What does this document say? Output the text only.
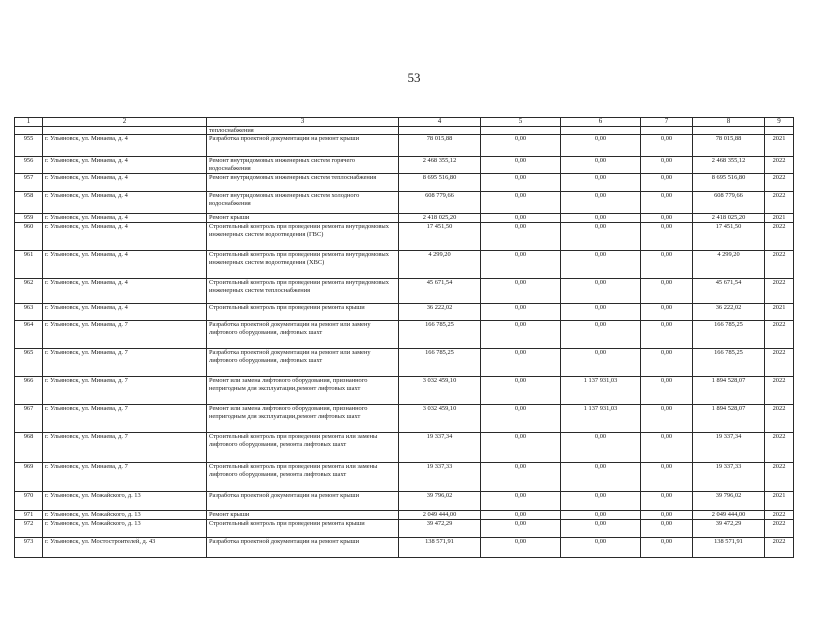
53
1	2	3	4	5	6	7	8	9
		теплоснабжения						
955	г. Ульяновск, ул. Минаева, д. 4	Разработка проектной документации на ремонт крыши	78 015,88	0,00	0,00	0,00	78 015,88	2021
956	г. Ульяновск, ул. Минаева, д. 4	Ремонт внутридомовых инженерных систем горячего водоснабжения	2 468 355,12	0,00	0,00	0,00	2 468 355,12	2022
957	г. Ульяновск, ул. Минаева, д. 4	Ремонт внутридомовых инженерных систем теплоснабжения	8 695 516,80	0,00	0,00	0,00	8 695 516,80	2022
958	г. Ульяновск, ул. Минаева, д. 4	Ремонт внутридомовых инженерных систем холодного водоснабжения	608 779,66	0,00	0,00	0,00	608 779,66	2022
959	г. Ульяновск, ул. Минаева, д. 4	Ремонт крыши	2 418 025,20	0,00	0,00	0,00	2 418 025,20	2021
960	г. Ульяновск, ул. Минаева, д. 4	Строительный контроль при проведении ремонта внутридомовых инженерных систем водоотведения (ГВС)	17 451,50	0,00	0,00	0,00	17 451,50	2022
961	г. Ульяновск, ул. Минаева, д. 4	Строительный контроль при проведении ремонта внутридомовых инженерных систем водоотведения (ХВС)	4 299,20	0,00	0,00	0,00	4 299,20	2022
962	г. Ульяновск, ул. Минаева, д. 4	Строительный контроль при проведении ремонта внутридомовых инженерных систем теплоснабжения	45 671,54	0,00	0,00	0,00	45 671,54	2022
963	г. Ульяновск, ул. Минаева, д. 4	Строительный контроль при проведении ремонта крыши	36 222,02	0,00	0,00	0,00	36 222,02	2021
964	г. Ульяновск, ул. Минаева, д. 7	Разработка проектной документации на ремонт или замену лифтового оборудования, лифтовых шахт	166 785,25	0,00	0,00	0,00	166 785,25	2022
965	г. Ульяновск, ул. Минаева, д. 7	Разработка проектной документации на ремонт или замену лифтового оборудования, лифтовых шахт	166 785,25	0,00	0,00	0,00	166 785,25	2022
966	г. Ульяновск, ул. Минаева, д. 7	Ремонт или замена лифтового оборудования, признанного непригодным для эксплуатации,ремонт лифтовых шахт	3 032 459,10	0,00	1 137 931,03	0,00	1 894 528,07	2022
967	г. Ульяновск, ул. Минаева, д. 7	Ремонт или замена лифтового оборудования, признанного непригодным для эксплуатации,ремонт лифтовых шахт	3 032 459,10	0,00	1 137 931,03	0,00	1 894 528,07	2022
968	г. Ульяновск, ул. Минаева, д. 7	Строительный контроль при проведении ремонта или замены лифтового оборудования, ремонта лифтовых шахт	19 337,34	0,00	0,00	0,00	19 337,34	2022
969	г. Ульяновск, ул. Минаева, д. 7	Строительный контроль при проведении ремонта или замены лифтового оборудования, ремонта лифтовых шахт	19 337,33	0,00	0,00	0,00	19 337,33	2022
970	г. Ульяновск, ул. Можайского, д. 13	Разработка проектной документации на ремонт крыши	39 796,02	0,00	0,00	0,00	39 796,02	2021
971	г. Ульяновск, ул. Можайского, д. 13	Ремонт крыши	2 049 444,00	0,00	0,00	0,00	2 049 444,00	2022
972	г. Ульяновск, ул. Можайского, д. 13	Строительный контроль при проведении ремонта крыши	39 472,29	0,00	0,00	0,00	39 472,29	2022
973	г. Ульяновск, ул. Мостостроителей, д. 43	Разработка проектной документации на ремонт крыши	138 571,91	0,00	0,00	0,00	138 571,91	2022
